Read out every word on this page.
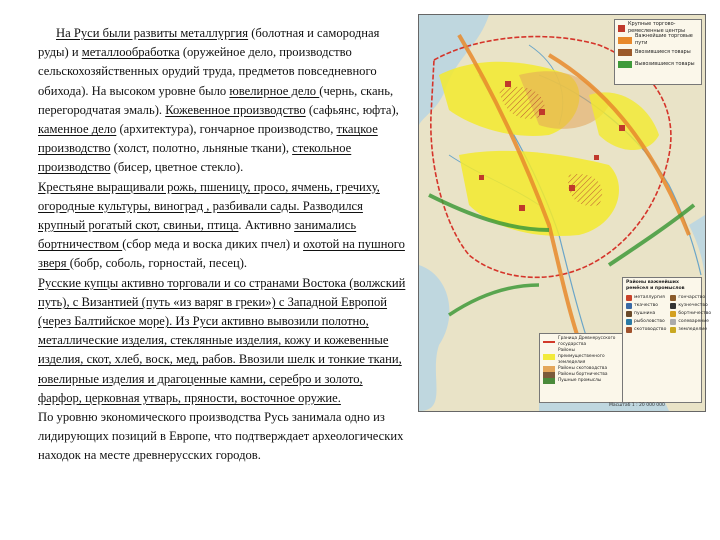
На Руси были развиты металлургия (болотная и самородная руды) и металлообработка (оружейное дело, производство сельскохозяйственных орудий труда, предметов повседневного обихода). На высоком уровне было ювелирное дело (чернь, скань, перегородчатая эмаль). Кожевенное производство (сафьянс, юфта), каменное дело (архитектура), гончарное производство, ткацкое производство (холст, полотно, льняные ткани), стекольное производство (бисер, цветное стекло).

Крестьяне выращивали рожь, пшеницу, просо, ячмень, гречиху, огородные культуры, виноград , разбивали сады. Разводился крупный рогатый скот, свиньи, птица. Активно занимались бортничеством (сбор меда и воска диких пчел) и охотой на пушного зверя (бобр, соболь, горностай, песец).

Русские купцы активно торговали и со странами Востока (волжский путь), с Византией (путь «из варяг в греки») с Западной Европой (через Балтийское море). Из Руси активно вывозили полотно, металлические изделия, стеклянные изделия, кожу и кожевенные изделия, скот, хлеб, воск, мед, рабов. Ввозили шелк и тонкие ткани, ювелирные изделия и драгоценные камни, серебро и золото, фарфор, церковная утварь, пряности, восточное оружие.

По уровню экономического производства Русь занимала одно из лидирующих позиций в Европе, что подтверждает археологических находок на месте древнерусских городов.

Крупные торгово-ремесленные центры
Важнейшие торговые пути
Ввозившиеся товары
Вывозившиеся товары
Граница Древнерусского государства
Районы преимущественного земледелия
Районы скотоводства
Районы бортничества
Пушные промыслы
Районы важнейших ремёсел и промыслов
металлургия	гончарство
ткачество	кузнечество
пушнина	бортничество
рыболовство	солеварение
скотоводство	земледелие
Масштаб 1 : 20 000 000
